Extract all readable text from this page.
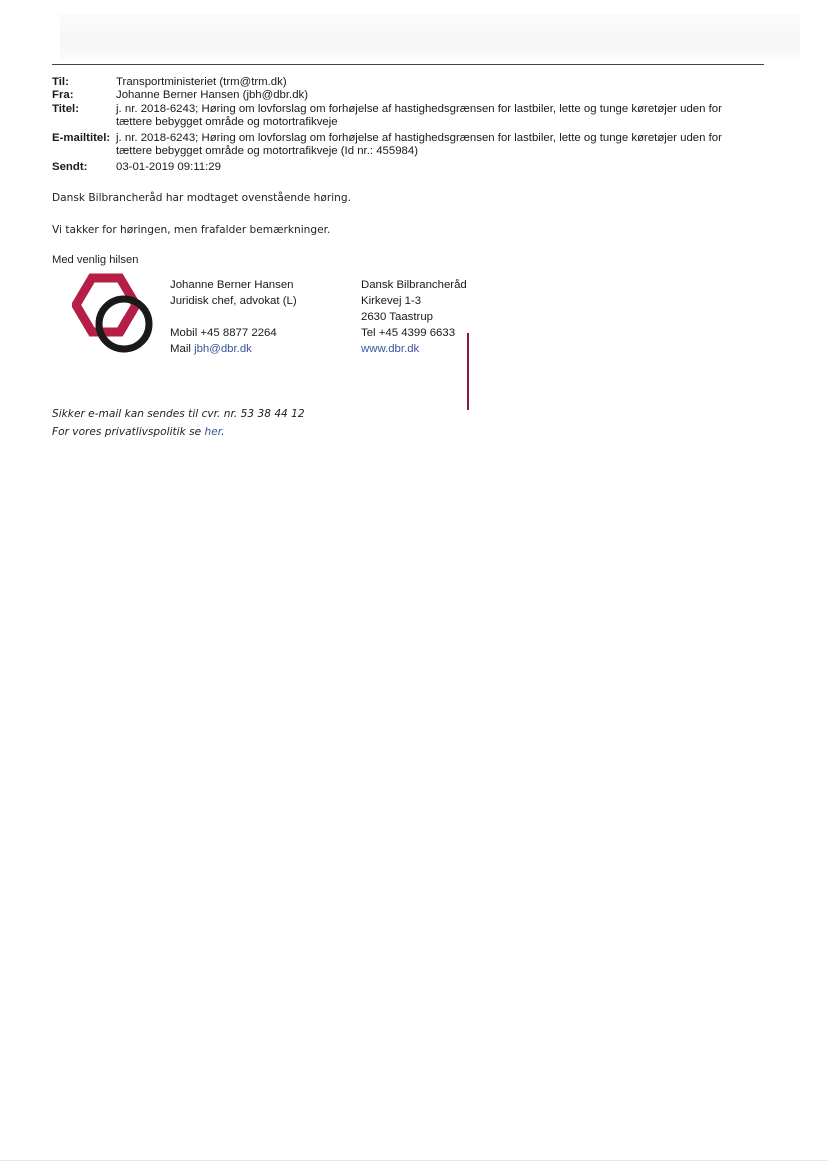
Til:	Transportministeriet (trm@trm.dk)
Fra:	Johanne Berner Hansen (jbh@dbr.dk)
Titel:	j. nr. 2018-6243; Høring om lovforslag om forhøjelse af hastighedsgrænsen for lastbiler, lette og tunge køretøjer uden for
tættere bebygget område og motortrafikveje
E-mailtitel: j. nr. 2018-6243; Høring om lovforslag om forhøjelse af hastighedsgrænsen for lastbiler, lette og tunge køretøjer uden for
tættere bebygget område og motortrafikveje (Id nr.: 455984)
Sendt:	03-01-2019 09:11:29
Dansk Bilbrancheråd har modtaget ovenstående høring.
Vi takker for høringen, men frafalder bemærkninger.
Med venlig hilsen
Johanne Berner Hansen
Juridisk chef, advokat (L)
Mobil +45 8877 2264
Mail jbh@dbr.dk
Dansk Bilbrancheråd
Kirkevej 1-3
2630 Taastrup
Tel +45 4399 6633
www.dbr.dk
Sikker e-mail kan sendes til cvr. nr. 53 38 44 12
For vores privatlivspolitik se her.
